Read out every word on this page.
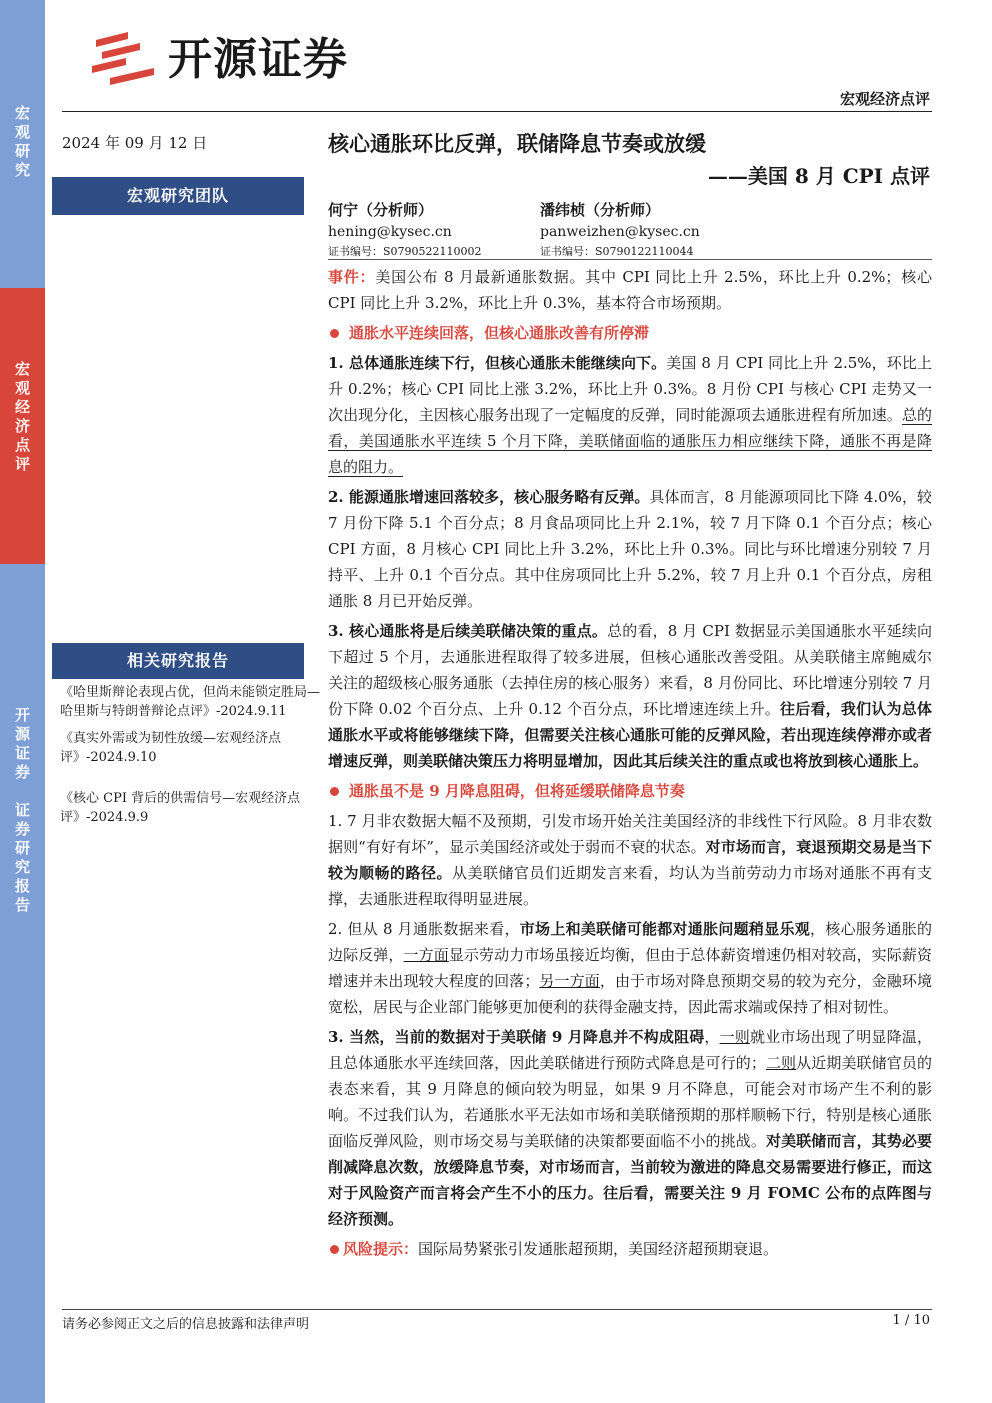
宏
观
研
究
宏
观
经
济
点
评
开
源
证
券

证
券
研
究
报
告
开源证券
宏观经济点评
2024 年 09 月 12 日
宏观研究团队
相关研究报告
《哈里斯辩论表现占优，但尚未能锁定胜局—哈里斯与特朗普辩论点评》-2024.9.11
《真实外需或为韧性放缓—宏观经济点评》-2024.9.10
《核心 CPI 背后的供需信号—宏观经济点评》-2024.9.9
核心通胀环比反弹，联储降息节奏或放缓
——美国 8 月 CPI 点评
何宁（分析师）
hening@kysec.cn
证书编号：S0790522110002
潘纬桢（分析师）
panweizhen@kysec.cn
证书编号：S0790122110044

事件：美国公布 8 月最新通胀数据。其中 CPI 同比上升 2.5%，环比上升 0.2%；核心 CPI 同比上升 3.2%，环比上升 0.3%，基本符合市场预期。

通胀水平连续回落，但核心通胀改善有所停滞

1. 总体通胀连续下行，但核心通胀未能继续向下。美国 8 月 CPI 同比上升 2.5%，环比上升 0.2%；核心 CPI 同比上涨 3.2%，环比上升 0.3%。8 月份 CPI 与核心 CPI 走势又一次出现分化，主因核心服务出现了一定幅度的反弹，同时能源项去通胀进程有所加速。总的看，美国通胀水平连续 5 个月下降，美联储面临的通胀压力相应继续下降，通胀不再是降息的阻力。

2. 能源通胀增速回落较多，核心服务略有反弹。具体而言，8 月能源项同比下降 4.0%，较 7 月份下降 5.1 个百分点；8 月食品项同比上升 2.1%，较 7 月下降 0.1 个百分点；核心 CPI 方面，8 月核心 CPI 同比上升 3.2%，环比上升 0.3%。同比与环比增速分别较 7 月持平、上升 0.1 个百分点。其中住房项同比上升 5.2%，较 7 月上升 0.1 个百分点，房租通胀 8 月已开始反弹。

3. 核心通胀将是后续美联储决策的重点。总的看，8 月 CPI 数据显示美国通胀水平延续向下超过 5 个月，去通胀进程取得了较多进展，但核心通胀改善受阻。从美联储主席鲍威尔关注的超级核心服务通胀（去掉住房的核心服务）来看，8 月份同比、环比增速分别较 7 月份下降 0.02 个百分点、上升 0.12 个百分点，环比增速连续上升。往后看，我们认为总体通胀水平或将能够继续下降，但需要关注核心通胀可能的反弹风险，若出现连续停滞亦或者增速反弹，则美联储决策压力将明显增加，因此其后续关注的重点或也将放到核心通胀上。

通胀虽不是 9 月降息阻碍，但将延缓联储降息节奏

1. 7 月非农数据大幅不及预期，引发市场开始关注美国经济的非线性下行风险。8 月非农数据则“有好有坏”，显示美国经济或处于弱而不衰的状态。对市场而言，衰退预期交易是当下较为顺畅的路径。从美联储官员们近期发言来看，均认为当前劳动力市场对通胀不再有支撑，去通胀进程取得明显进展。

2. 但从 8 月通胀数据来看，市场上和美联储可能都对通胀问题稍显乐观，核心服务通胀的边际反弹，一方面显示劳动力市场虽接近均衡，但由于总体薪资增速仍相对较高，实际薪资增速并未出现较大程度的回落；另一方面，由于市场对降息预期交易的较为充分，金融环境宽松，居民与企业部门能够更加便利的获得金融支持，因此需求端或保持了相对韧性。

3. 当然，当前的数据对于美联储 9 月降息并不构成阻碍，一则就业市场出现了明显降温，且总体通胀水平连续回落，因此美联储进行预防式降息是可行的；二则从近期美联储官员的表态来看，其 9 月降息的倾向较为明显，如果 9 月不降息，可能会对市场产生不利的影响。不过我们认为，若通胀水平无法如市场和美联储预期的那样顺畅下行，特别是核心通胀面临反弹风险，则市场交易与美联储的决策都要面临不小的挑战。对美联储而言，其势必要削减降息次数，放缓降息节奏，对市场而言，当前较为激进的降息交易需要进行修正，而这对于风险资产而言将会产生不小的压力。往后看，需要关注 9 月 FOMC 公布的点阵图与经济预测。

风险提示：国际局势紧张引发通胀超预期，美国经济超预期衰退。

请务必参阅正文之后的信息披露和法律声明	1 / 10
